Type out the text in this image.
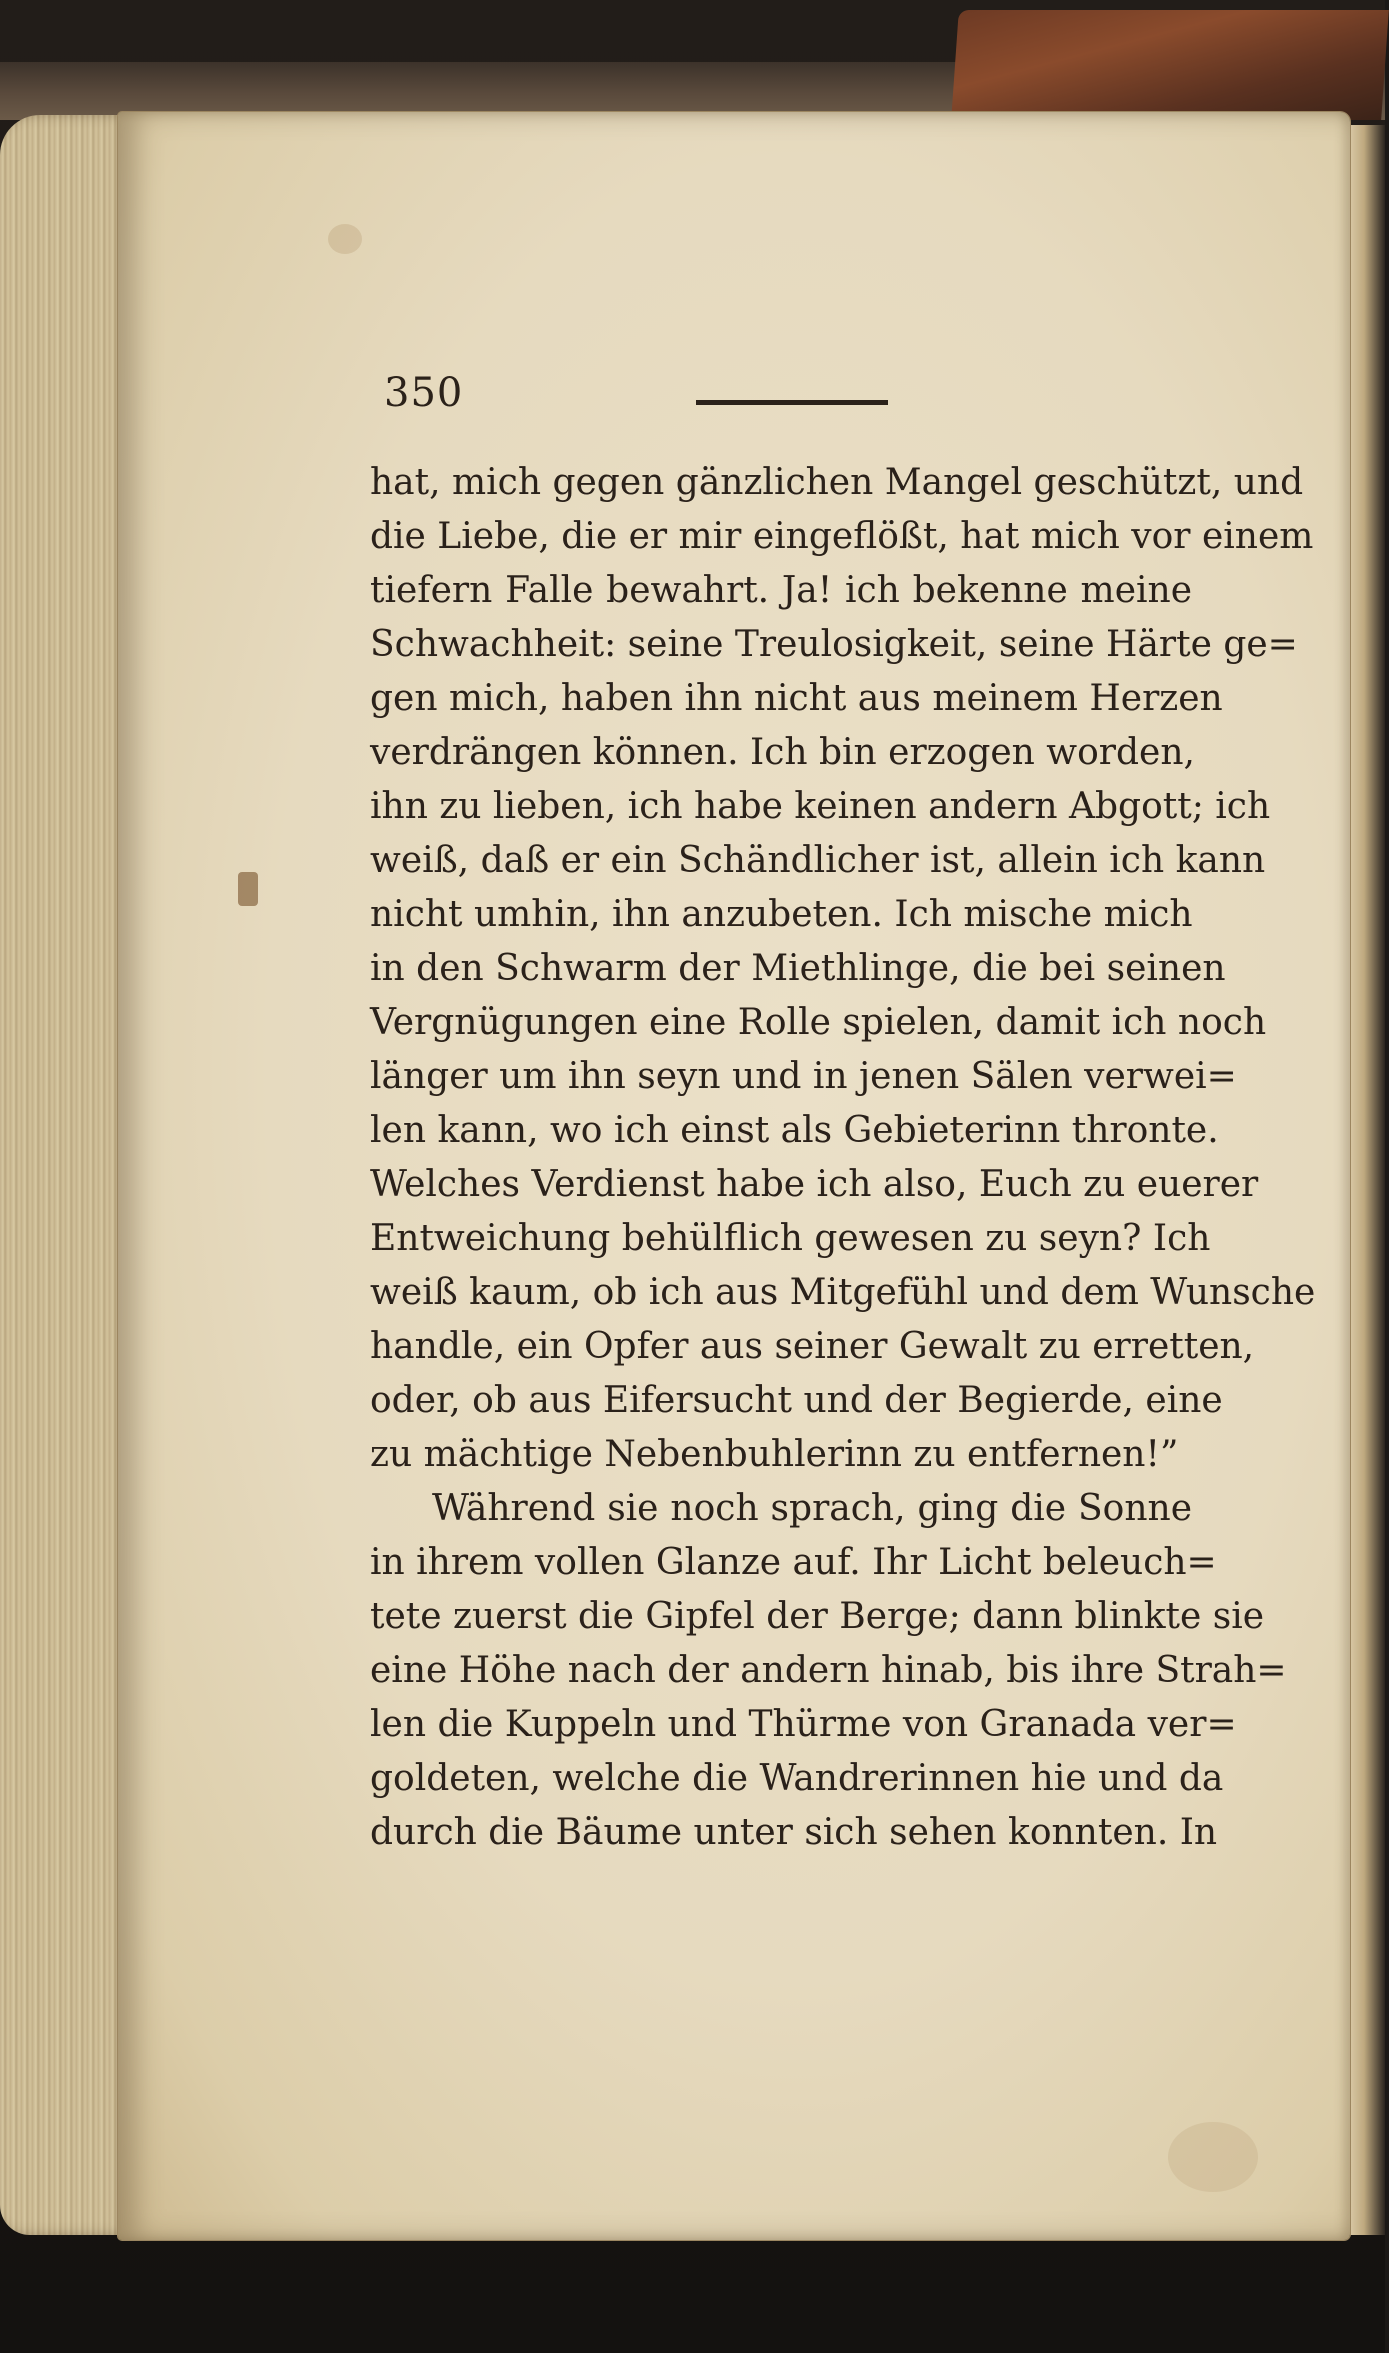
350
hat, mich gegen gänzlichen Mangel geschützt, und
die Liebe, die er mir eingeflößt, hat mich vor einem
tiefern Falle bewahrt. Ja! ich bekenne meine
Schwachheit: seine Treulosigkeit, seine Härte ge=
gen mich, haben ihn nicht aus meinem Herzen
verdrängen können. Ich bin erzogen worden,
ihn zu lieben, ich habe keinen andern Abgott; ich
weiß, daß er ein Schändlicher ist, allein ich kann
nicht umhin, ihn anzubeten. Ich mische mich
in den Schwarm der Miethlinge, die bei seinen
Vergnügungen eine Rolle spielen, damit ich noch
länger um ihn seyn und in jenen Sälen verwei=
len kann, wo ich einst als Gebieterinn thronte.
Welches Verdienst habe ich also, Euch zu euerer
Entweichung behülflich gewesen zu seyn? Ich
weiß kaum, ob ich aus Mitgefühl und dem Wunsche
handle, ein Opfer aus seiner Gewalt zu erretten,
oder, ob aus Eifersucht und der Begierde, eine
zu mächtige Nebenbuhlerinn zu entfernen!”
Während sie noch sprach, ging die Sonne
in ihrem vollen Glanze auf. Ihr Licht beleuch=
tete zuerst die Gipfel der Berge; dann blinkte sie
eine Höhe nach der andern hinab, bis ihre Strah=
len die Kuppeln und Thürme von Granada ver=
goldeten, welche die Wandrerinnen hie und da
durch die Bäume unter sich sehen konnten. In
